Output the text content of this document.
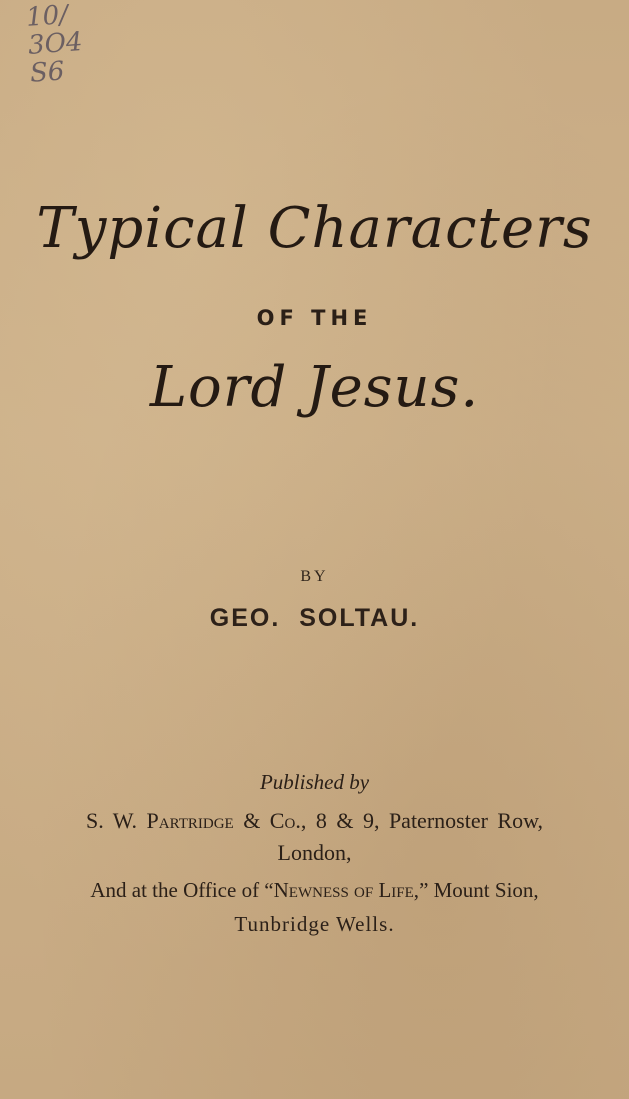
10/
3O4
S6
Typical Characters
OF THE
Lord Jesus.
BY
GEO. SOLTAU.
Published by
S. W. Partridge & Co., 8 & 9, Paternoster Row,
London,
And at the Office of “Newness of Life,” Mount Sion,
Tunbridge Wells.
